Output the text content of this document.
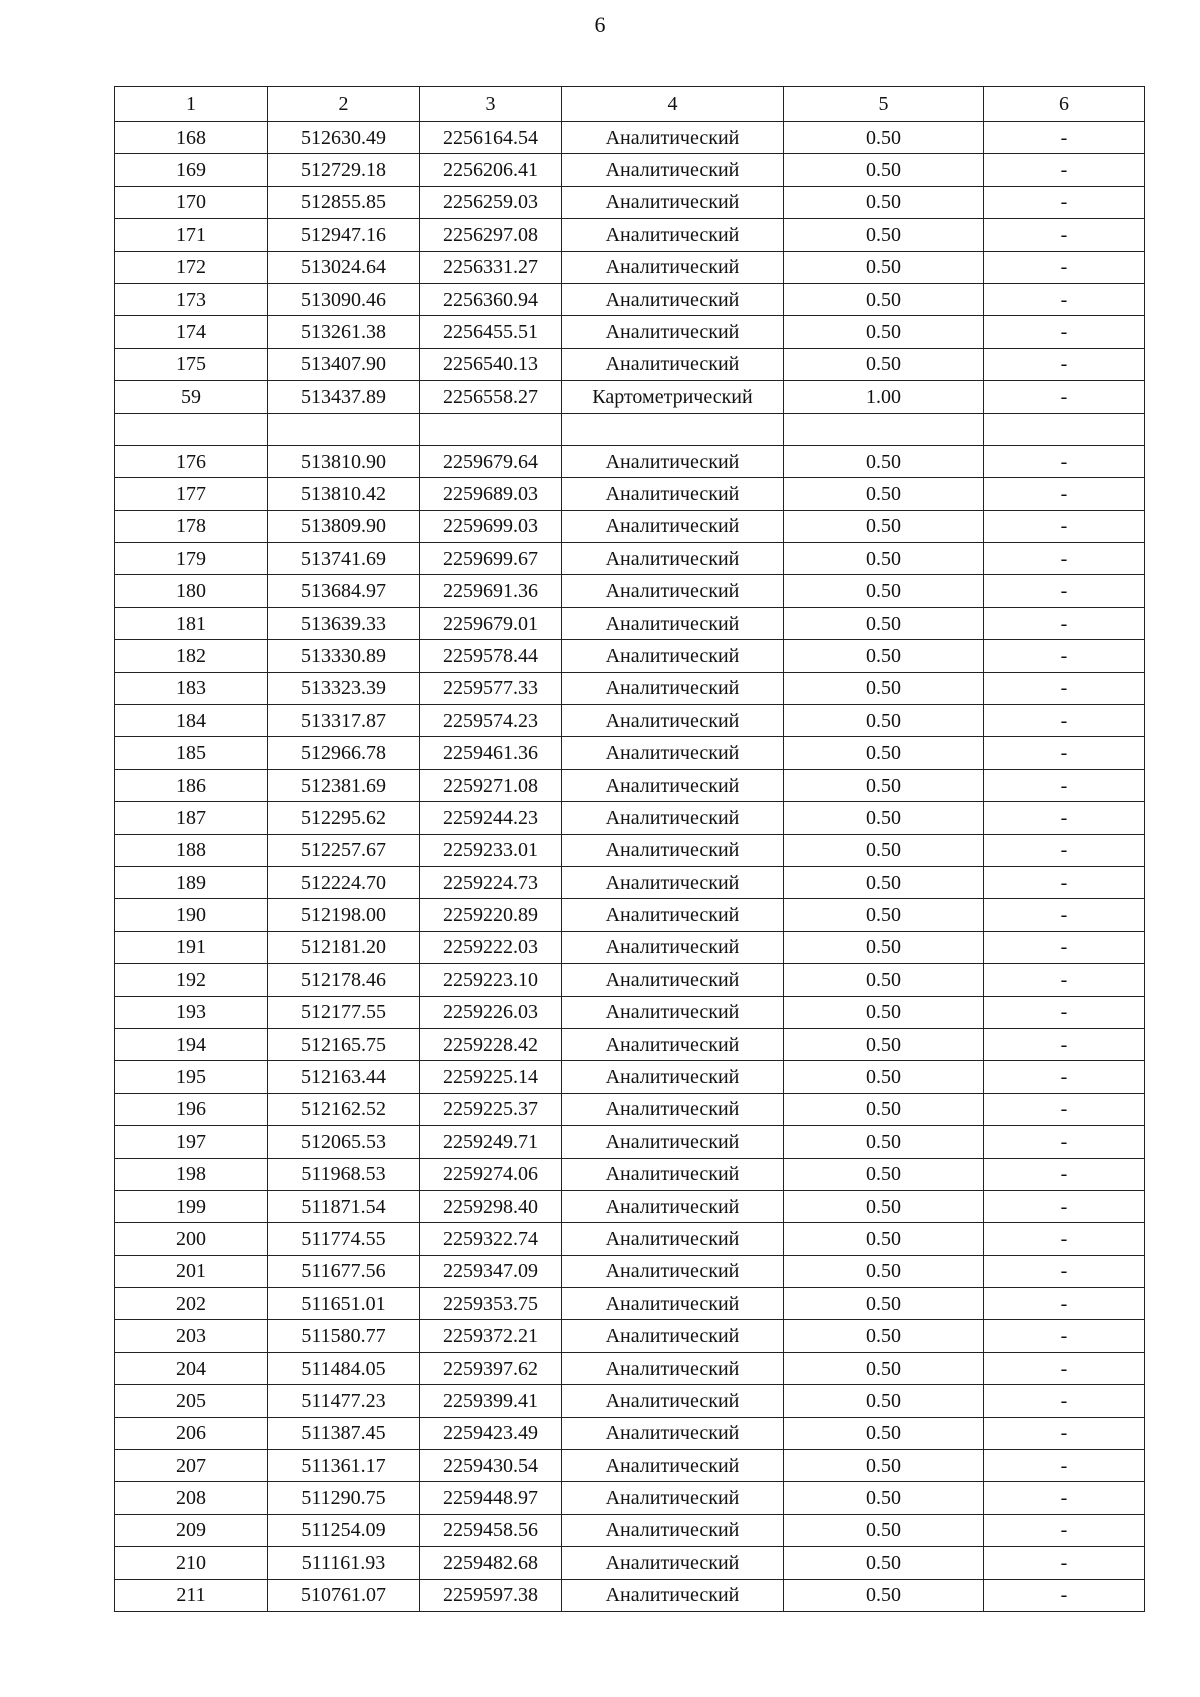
6
1	2	3	4	5	6
168	512630.49	2256164.54	Аналитический	0.50	-
169	512729.18	2256206.41	Аналитический	0.50	-
170	512855.85	2256259.03	Аналитический	0.50	-
171	512947.16	2256297.08	Аналитический	0.50	-
172	513024.64	2256331.27	Аналитический	0.50	-
173	513090.46	2256360.94	Аналитический	0.50	-
174	513261.38	2256455.51	Аналитический	0.50	-
175	513407.90	2256540.13	Аналитический	0.50	-
59	513437.89	2256558.27	Картометрический	1.00	-

176	513810.90	2259679.64	Аналитический	0.50	-
177	513810.42	2259689.03	Аналитический	0.50	-
178	513809.90	2259699.03	Аналитический	0.50	-
179	513741.69	2259699.67	Аналитический	0.50	-
180	513684.97	2259691.36	Аналитический	0.50	-
181	513639.33	2259679.01	Аналитический	0.50	-
182	513330.89	2259578.44	Аналитический	0.50	-
183	513323.39	2259577.33	Аналитический	0.50	-
184	513317.87	2259574.23	Аналитический	0.50	-
185	512966.78	2259461.36	Аналитический	0.50	-
186	512381.69	2259271.08	Аналитический	0.50	-
187	512295.62	2259244.23	Аналитический	0.50	-
188	512257.67	2259233.01	Аналитический	0.50	-
189	512224.70	2259224.73	Аналитический	0.50	-
190	512198.00	2259220.89	Аналитический	0.50	-
191	512181.20	2259222.03	Аналитический	0.50	-
192	512178.46	2259223.10	Аналитический	0.50	-
193	512177.55	2259226.03	Аналитический	0.50	-
194	512165.75	2259228.42	Аналитический	0.50	-
195	512163.44	2259225.14	Аналитический	0.50	-
196	512162.52	2259225.37	Аналитический	0.50	-
197	512065.53	2259249.71	Аналитический	0.50	-
198	511968.53	2259274.06	Аналитический	0.50	-
199	511871.54	2259298.40	Аналитический	0.50	-
200	511774.55	2259322.74	Аналитический	0.50	-
201	511677.56	2259347.09	Аналитический	0.50	-
202	511651.01	2259353.75	Аналитический	0.50	-
203	511580.77	2259372.21	Аналитический	0.50	-
204	511484.05	2259397.62	Аналитический	0.50	-
205	511477.23	2259399.41	Аналитический	0.50	-
206	511387.45	2259423.49	Аналитический	0.50	-
207	511361.17	2259430.54	Аналитический	0.50	-
208	511290.75	2259448.97	Аналитический	0.50	-
209	511254.09	2259458.56	Аналитический	0.50	-
210	511161.93	2259482.68	Аналитический	0.50	-
211	510761.07	2259597.38	Аналитический	0.50	-
